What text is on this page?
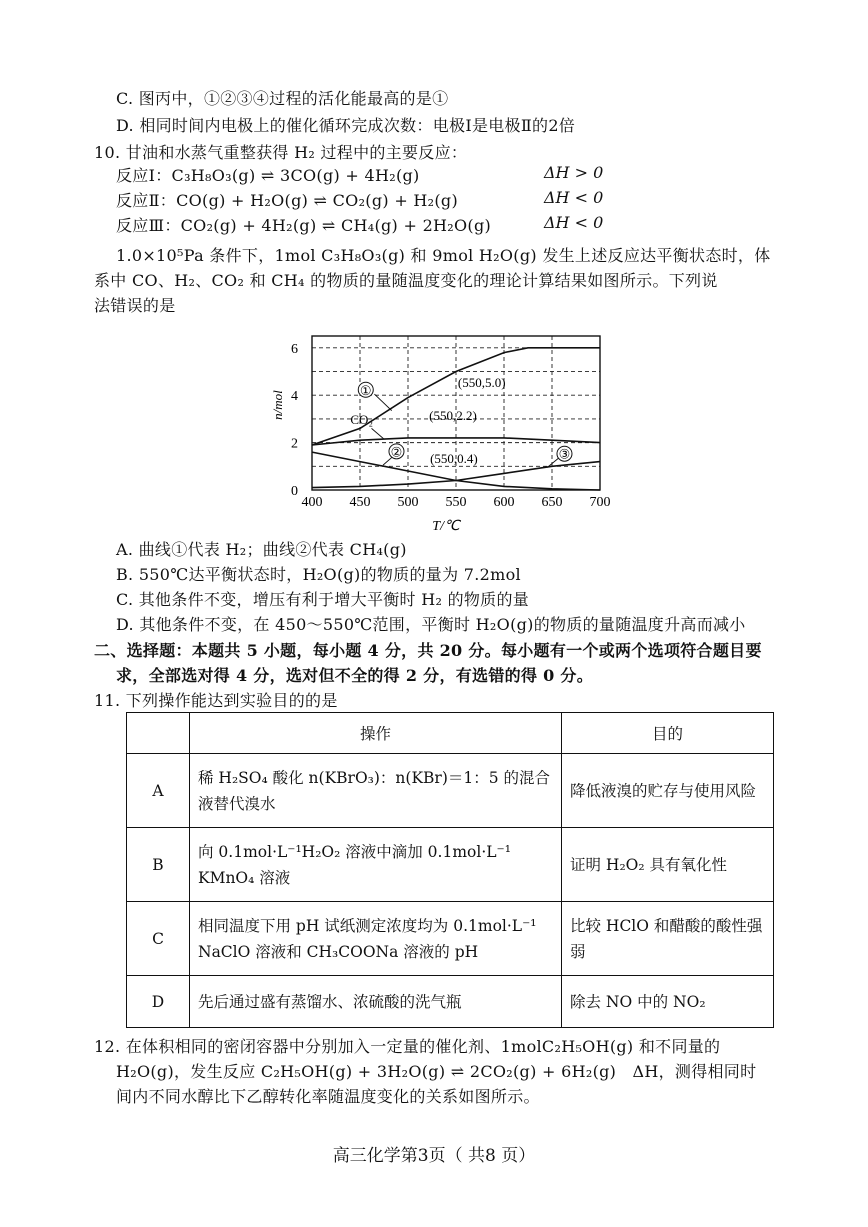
C. 图丙中，①②③④过程的活化能最高的是①
D. 相同时间内电极上的催化循环完成次数：电极Ⅰ是电极Ⅱ的2倍
10. 甘油和水蒸气重整获得 H₂ 过程中的主要反应：
反应Ⅰ：C₃H₈O₃(g) ⇌ 3CO(g) + 4H₂(g)	ΔH > 0
反应Ⅱ：CO(g) + H₂O(g) ⇌ CO₂(g) + H₂(g)	ΔH < 0
反应Ⅲ：CO₂(g) + 4H₂(g) ⇌ CH₄(g) + 2H₂O(g)	ΔH < 0
1.0×10⁵Pa 条件下，1mol C₃H₈O₃(g) 和 9mol H₂O(g) 发生上述反应达平衡状态时，体
系中 CO、H₂、CO₂ 和 CH₄ 的物质的量随温度变化的理论计算结果如图所示。下列说
法错误的是
400 450 500 550 600 650 700
0
2
4
6
T/℃
n/mol	①
CO₂
②	③
(550,5.0)
(550,2.2)
(550,0.4)
A. 曲线①代表 H₂；曲线②代表 CH₄(g)
B. 550℃达平衡状态时，H₂O(g)的物质的量为 7.2mol
C. 其他条件不变，增压有利于增大平衡时 H₂ 的物质的量
D. 其他条件不变，在 450～550℃范围，平衡时 H₂O(g)的物质的量随温度升高而减小
二、选择题：本题共 5 小题，每小题 4 分，共 20 分。每小题有一个或两个选项符合题目要
求，全部选对得 4 分，选对但不全的得 2 分，有选错的得 0 分。
11. 下列操作能达到实验目的的是
	操作	目的
A	稀 H₂SO₄ 酸化 n(KBrO₃)：n(KBr)＝1：5 的混合液替代溴水	降低液溴的贮存与使用风险
B	向 0.1mol·L⁻¹H₂O₂ 溶液中滴加 0.1mol·L⁻¹ KMnO₄ 溶液	证明 H₂O₂ 具有氧化性
C	相同温度下用 pH 试纸测定浓度均为 0.1mol·L⁻¹ NaClO 溶液和 CH₃COONa 溶液的 pH	比较 HClO 和醋酸的酸性强弱
D	先后通过盛有蒸馏水、浓硫酸的洗气瓶	除去 NO 中的 NO₂
12. 在体积相同的密闭容器中分别加入一定量的催化剂、1molC₂H₅OH(g) 和不同量的
H₂O(g)，发生反应 C₂H₅OH(g) + 3H₂O(g) ⇌ 2CO₂(g) + 6H₂(g)　ΔH，测得相同时
间内不同水醇比下乙醇转化率随温度变化的关系如图所示。
高三化学第3页（ 共8 页）
